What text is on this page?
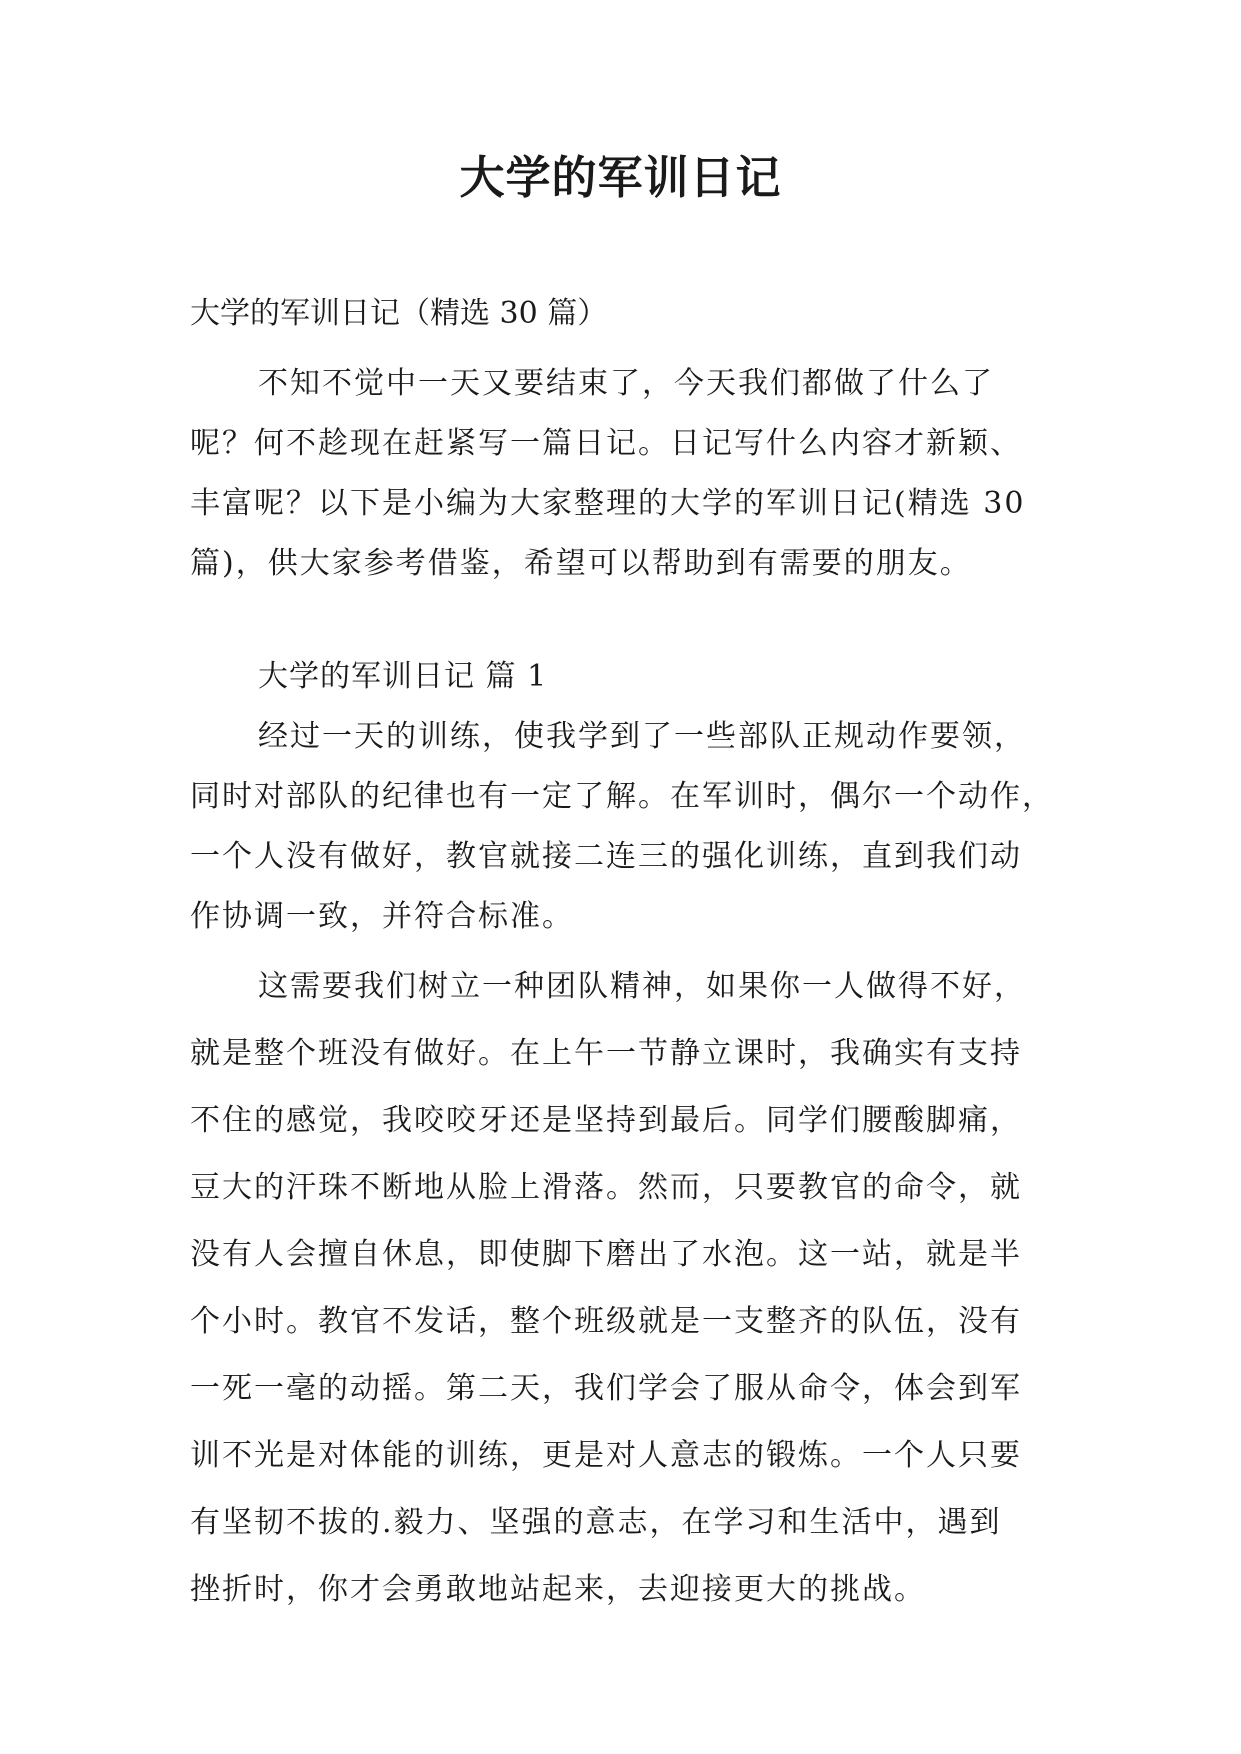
大学的军训日记

大学的军训日记（精选 30 篇）

不知不觉中一天又要结束了，今天我们都做了什么了

呢？何不趁现在赶紧写一篇日记。日记写什么内容才新颖、

丰富呢？以下是小编为大家整理的大学的军训日记(精选 30

篇)，供大家参考借鉴，希望可以帮助到有需要的朋友。

大学的军训日记 篇 1

经过一天的训练，使我学到了一些部队正规动作要领，

同时对部队的纪律也有一定了解。在军训时，偶尔一个动作，

一个人没有做好，教官就接二连三的强化训练，直到我们动

作协调一致，并符合标准。

这需要我们树立一种团队精神，如果你一人做得不好，

就是整个班没有做好。在上午一节静立课时，我确实有支持

不住的感觉，我咬咬牙还是坚持到最后。同学们腰酸脚痛，

豆大的汗珠不断地从脸上滑落。然而，只要教官的命令，就

没有人会擅自休息，即使脚下磨出了水泡。这一站，就是半

个小时。教官不发话，整个班级就是一支整齐的队伍，没有

一死一毫的动摇。第二天，我们学会了服从命令，体会到军

训不光是对体能的训练，更是对人意志的锻炼。一个人只要

有坚韧不拔的.毅力、坚强的意志，在学习和生活中，遇到

挫折时，你才会勇敢地站起来，去迎接更大的挑战。
